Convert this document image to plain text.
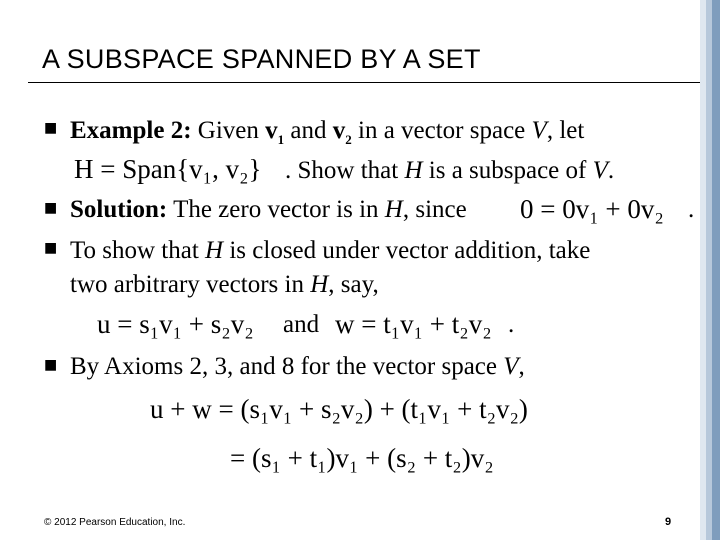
A SUBSPACE SPANNED BY A SET
■ Example 2: Given $v_1$ and $v_2$ in a vector space V, let
H = Span{v₁, v₂} . Show that H is a subspace of V.
■ Solution: The zero vector is in H, since 0 = 0v₁ + 0v₂ .
■ To show that H is closed under vector addition, take
two arbitrary vectors in H, say,
u = s₁v₁ + s₂v₂ and w = t₁v₁ + t₂v₂ .
■ By Axioms 2, 3, and 8 for the vector space V,
u + w = (s₁v₁ + s₂v₂) + (t₁v₁ + t₂v₂)
= (s₁ + t₁)v₁ + (s₂ + t₂)v₂
© 2012 Pearson Education, Inc.	9
